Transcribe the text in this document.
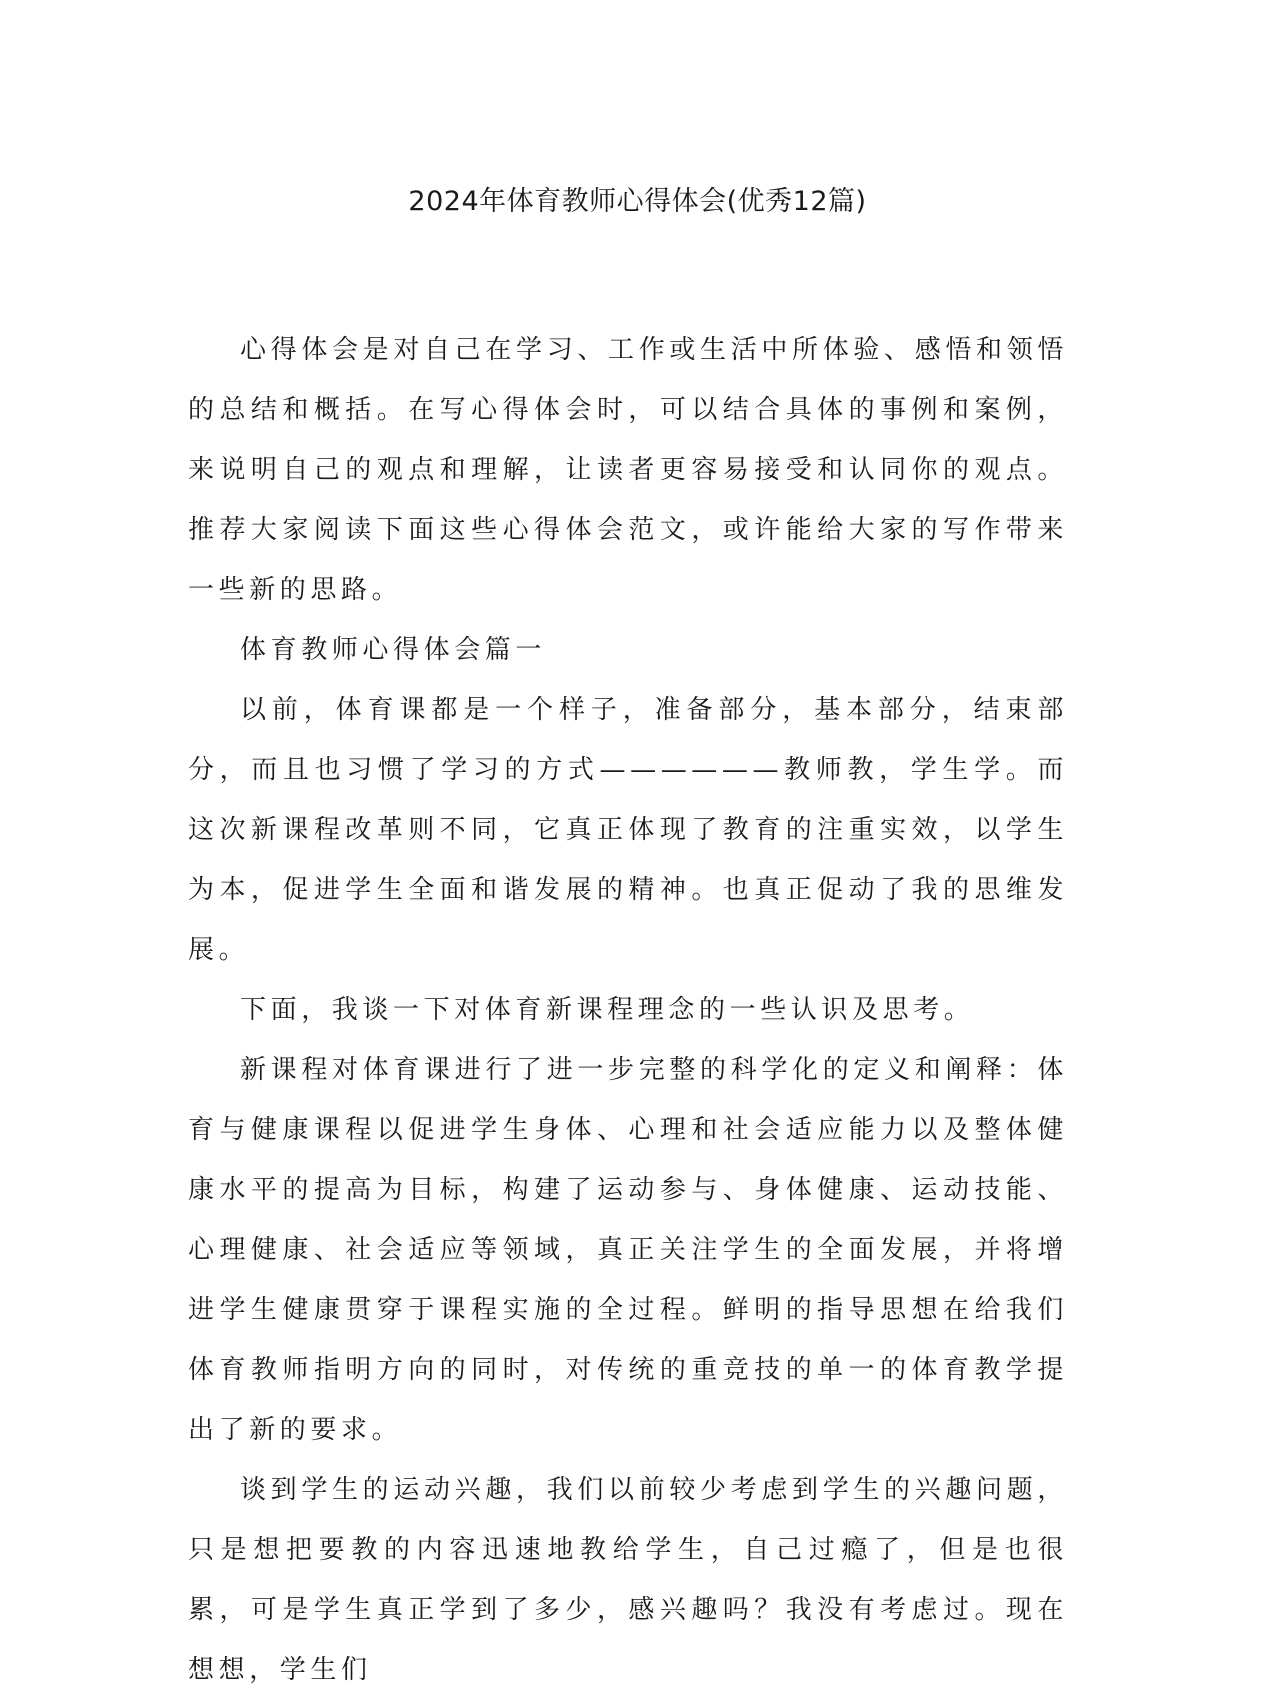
2024年体育教师心得体会(优秀12篇)

心得体会是对自己在学习、工作或生活中所体验、感悟和领悟的总结和概括。在写心得体会时，可以结合具体的事例和案例，来说明自己的观点和理解，让读者更容易接受和认同你的观点。推荐大家阅读下面这些心得体会范文，或许能给大家的写作带来一些新的思路。

体育教师心得体会篇一

以前，体育课都是一个样子，准备部分，基本部分，结束部分，而且也习惯了学习的方式——————教师教，学生学。而这次新课程改革则不同，它真正体现了教育的注重实效，以学生为本，促进学生全面和谐发展的精神。也真正促动了我的思维发展。

下面，我谈一下对体育新课程理念的一些认识及思考。

新课程对体育课进行了进一步完整的科学化的定义和阐释：体育与健康课程以促进学生身体、心理和社会适应能力以及整体健康水平的提高为目标，构建了运动参与、身体健康、运动技能、心理健康、社会适应等领域，真正关注学生的全面发展，并将增进学生健康贯穿于课程实施的全过程。鲜明的指导思想在给我们体育教师指明方向的同时，对传统的重竞技的单一的体育教学提出了新的要求。

谈到学生的运动兴趣，我们以前较少考虑到学生的兴趣问题，只是想把要教的内容迅速地教给学生，自己过瘾了，但是也很累，可是学生真正学到了多少，感兴趣吗？我没有考虑过。现在想想，学生们
